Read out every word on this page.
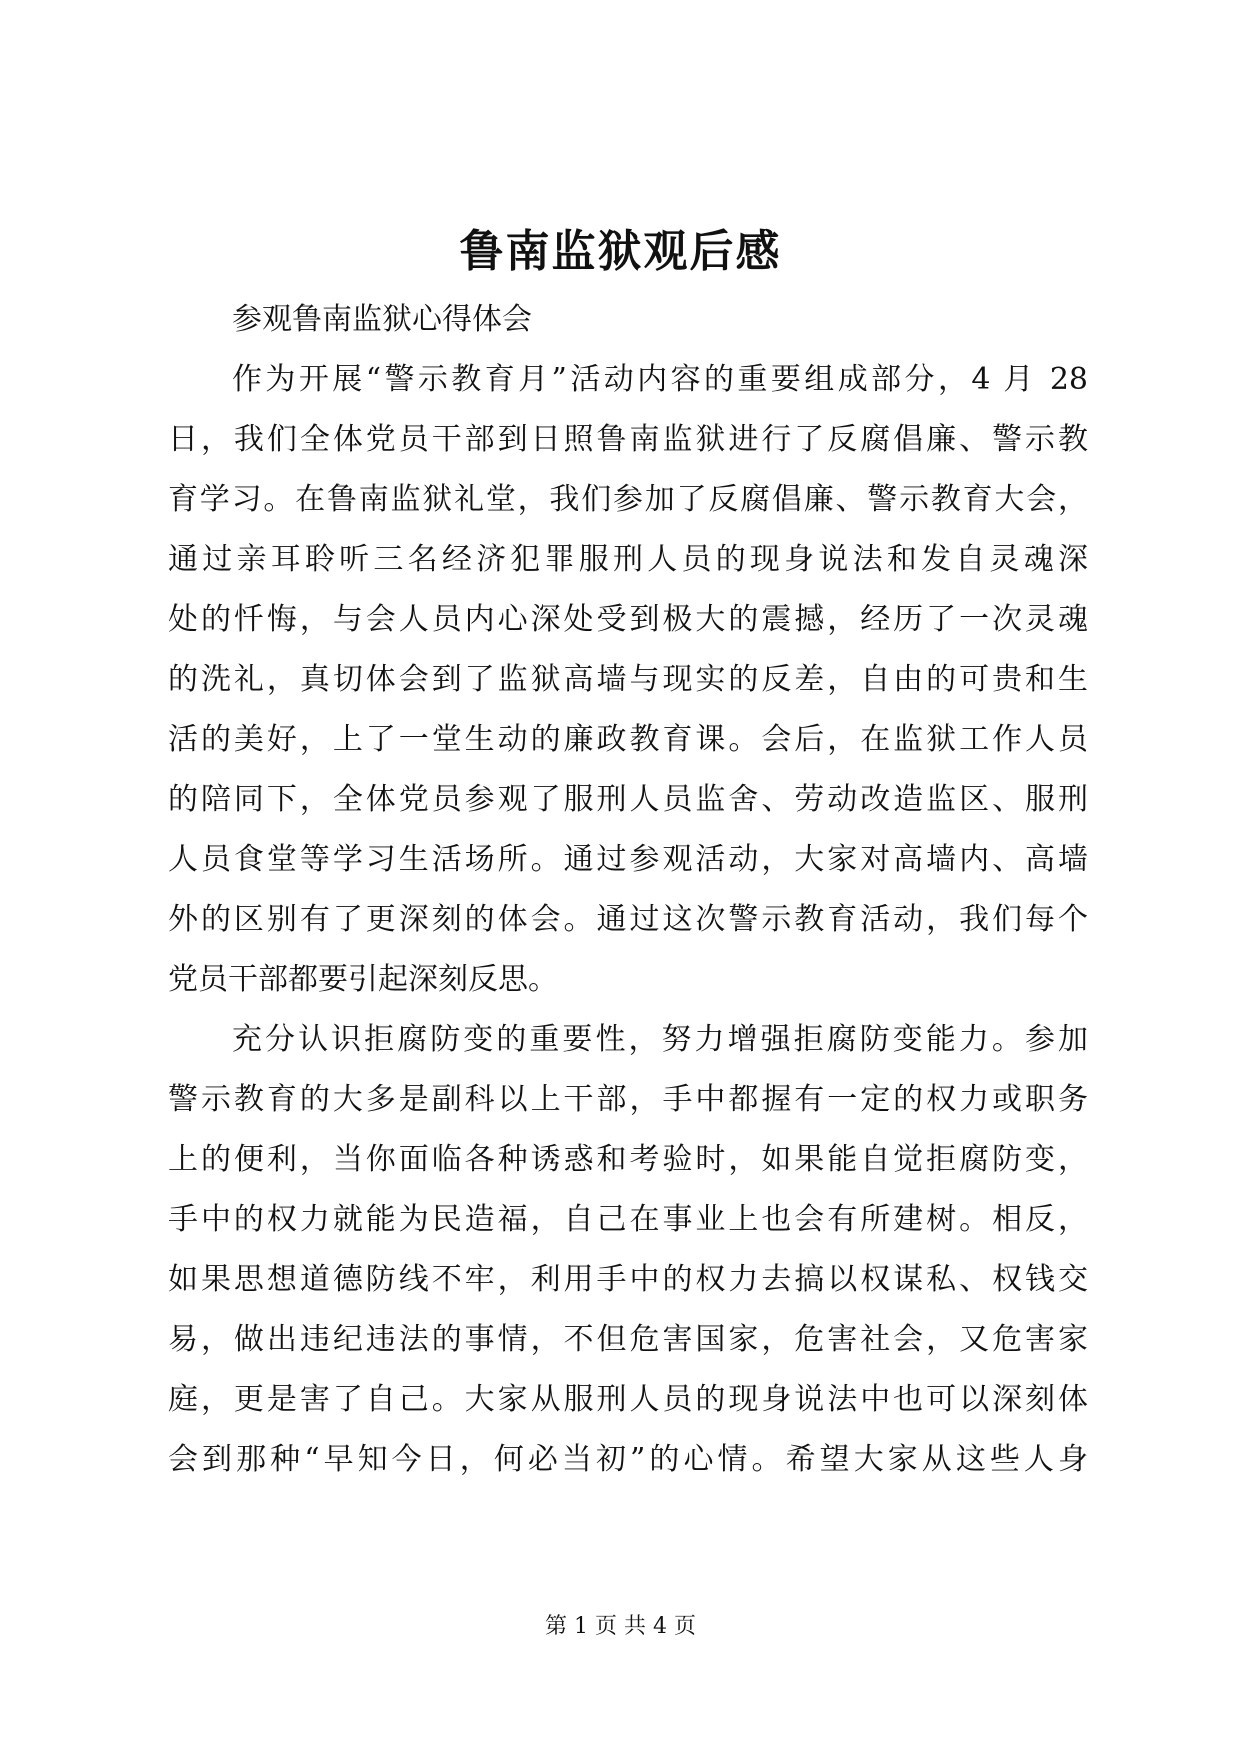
鲁南监狱观后感
参观鲁南监狱心得体会
作为开展“警示教育月”活动内容的重要组成部分，4 月 28
日，我们全体党员干部到日照鲁南监狱进行了反腐倡廉、警示教
育学习。在鲁南监狱礼堂，我们参加了反腐倡廉、警示教育大会，
通过亲耳聆听三名经济犯罪服刑人员的现身说法和发自灵魂深
处的忏悔，与会人员内心深处受到极大的震撼，经历了一次灵魂
的洗礼，真切体会到了监狱高墙与现实的反差，自由的可贵和生
活的美好，上了一堂生动的廉政教育课。会后，在监狱工作人员
的陪同下，全体党员参观了服刑人员监舍、劳动改造监区、服刑
人员食堂等学习生活场所。通过参观活动，大家对高墙内、高墙
外的区别有了更深刻的体会。通过这次警示教育活动，我们每个
党员干部都要引起深刻反思。
充分认识拒腐防变的重要性，努力增强拒腐防变能力。参加
警示教育的大多是副科以上干部，手中都握有一定的权力或职务
上的便利，当你面临各种诱惑和考验时，如果能自觉拒腐防变，
手中的权力就能为民造福，自己在事业上也会有所建树。相反，
如果思想道德防线不牢，利用手中的权力去搞以权谋私、权钱交
易，做出违纪违法的事情，不但危害国家，危害社会，又危害家
庭，更是害了自己。大家从服刑人员的现身说法中也可以深刻体
会到那种“早知今日，何必当初”的心情。希望大家从这些人身
第 1 页 共 4 页
